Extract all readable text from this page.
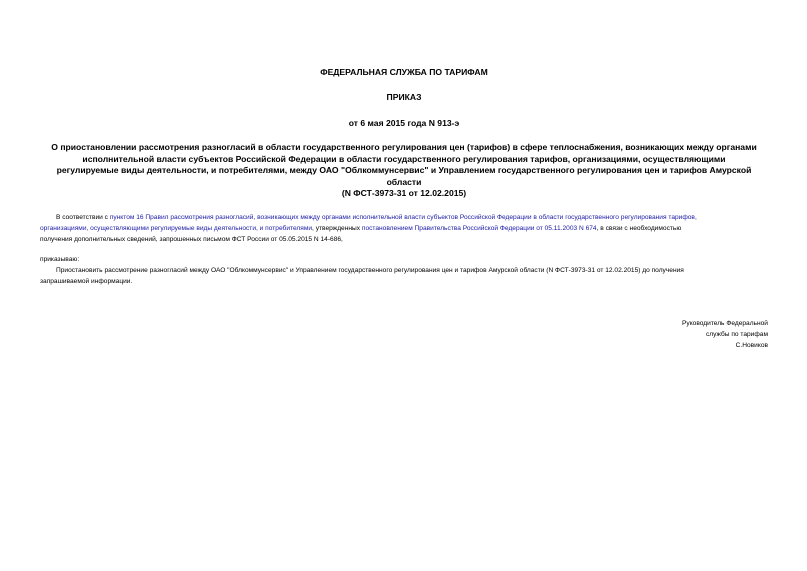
ФЕДЕРАЛЬНАЯ СЛУЖБА ПО ТАРИФАМ
ПРИКАЗ
от 6 мая 2015 года N 913-э
О приостановлении рассмотрения разногласий в области государственного регулирования цен (тарифов) в сфере теплоснабжения, возникающих между органами
исполнительной власти субъектов Российской Федерации в области государственного регулирования тарифов, организациями, осуществляющими
регулируемые виды деятельности, и потребителями, между ОАО "Облкоммунсервис" и Управлением государственного регулирования цен и тарифов Амурской
области
(N ФСТ-3973-31 от 12.02.2015)
В соответствии с пунктом 16 Правил рассмотрения разногласий, возникающих между органами исполнительной власти субъектов Российской Федерации в области государственного регулирования тарифов,
организациями, осуществляющими регулируемые виды деятельности, и потребителями, утвержденных постановлением Правительства Российской Федерации от 05.11.2003 N 674, в связи с необходимостью
получения дополнительных сведений, запрошенных письмом ФСТ России от 05.05.2015 N 14-686,
приказываю:
Приостановить рассмотрение разногласий между ОАО "Облкоммунсервис" и Управлением государственного регулирования цен и тарифов Амурской области (N ФСТ-3973-31 от 12.02.2015) до получения
запрашиваемой информации.
Руководитель Федеральной
службы по тарифам
С.Новиков
